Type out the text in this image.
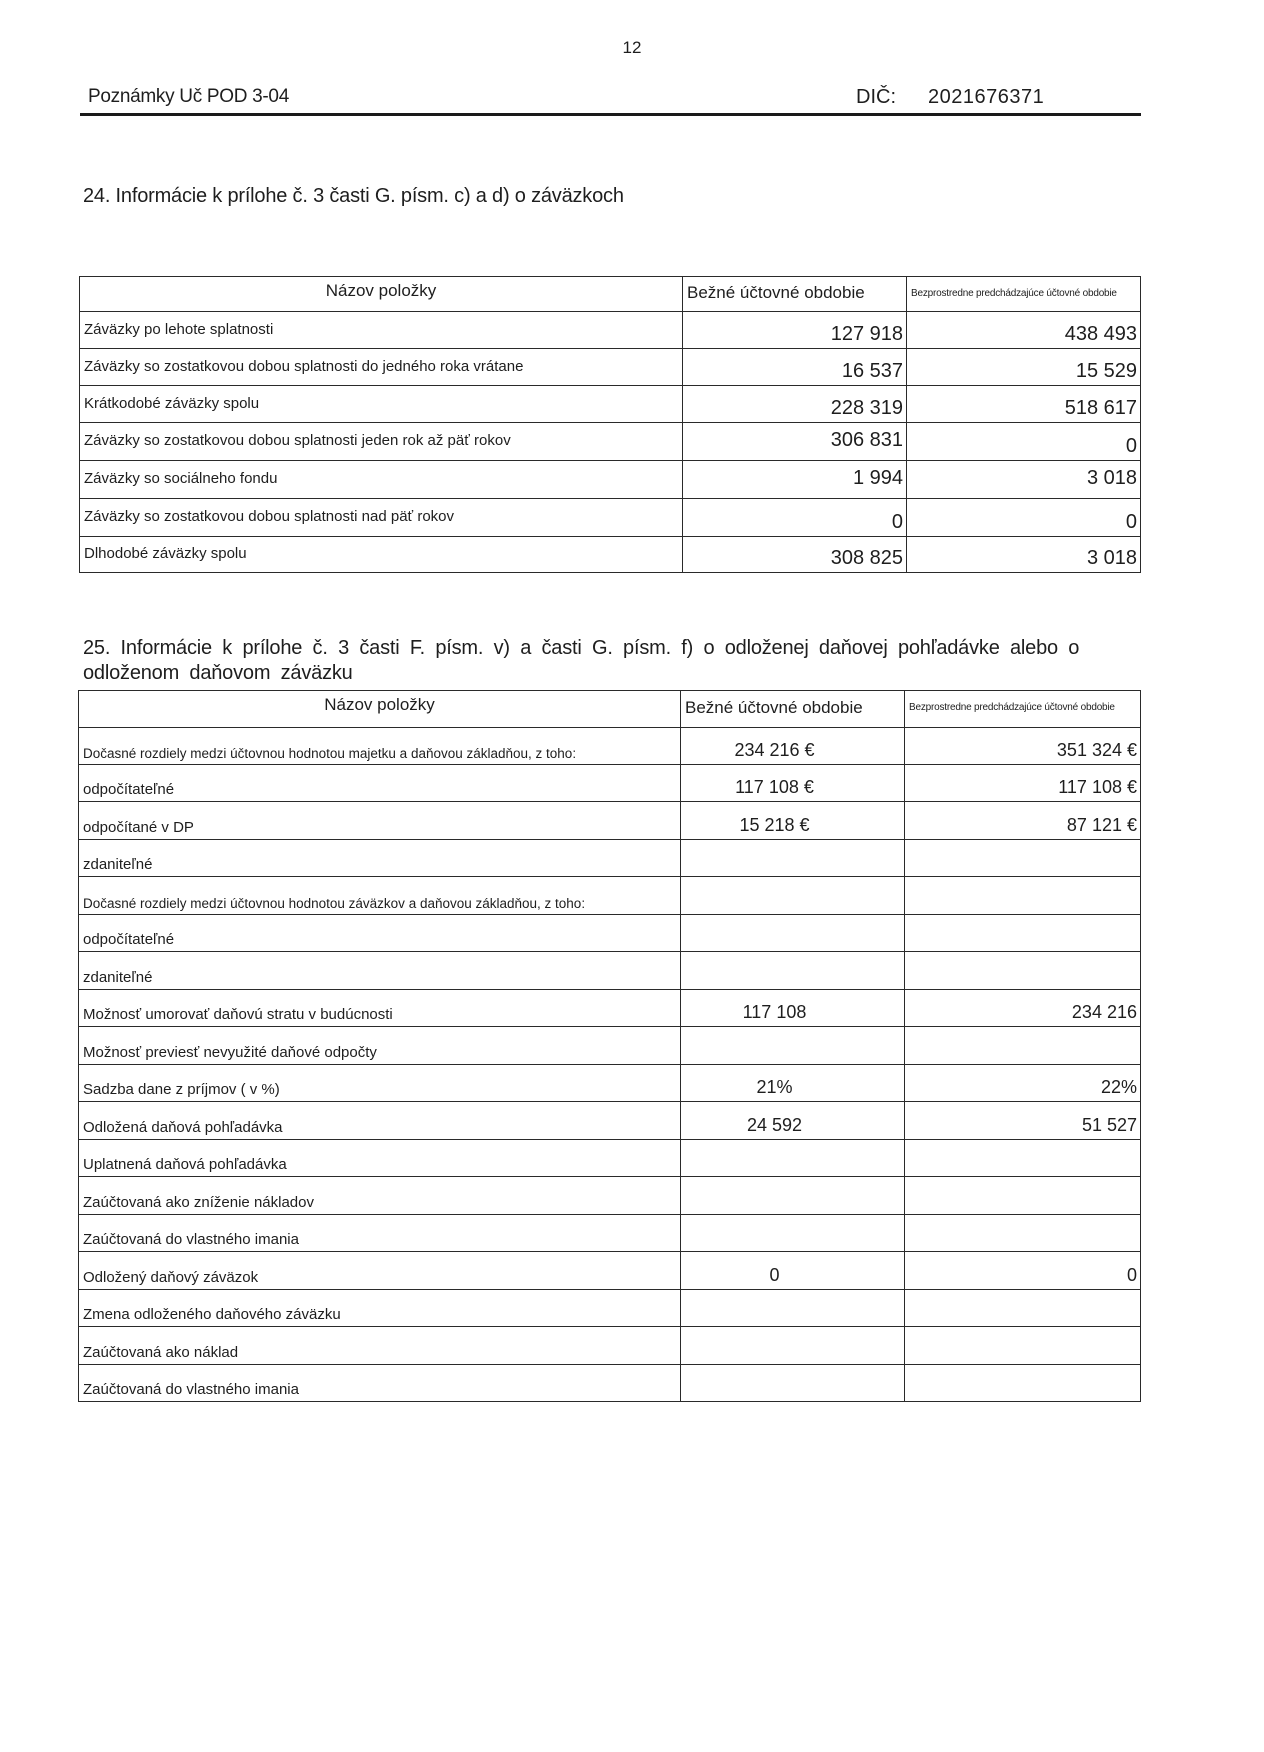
12
Poznámky Uč POD 3-04	DIČ: 2021676371
24. Informácie k prílohe č. 3 časti G. písm. c) a d) o záväzkoch
Názov položky	Bežné účtovné obdobie	Bezprostredne predchádzajúce účtovné obdobie
Záväzky po lehote splatnosti	127 918	438 493
Záväzky so zostatkovou dobou splatnosti do jedného roka vrátane	16 537	15 529
Krátkodobé záväzky spolu	228 319	518 617
Záväzky so zostatkovou dobou splatnosti jeden rok až päť rokov	306 831	0
Záväzky so sociálneho fondu	1 994	3 018
Záväzky so zostatkovou dobou splatnosti nad päť rokov	0	0
Dlhodobé záväzky spolu	308 825	3 018
25. Informácie k prílohe č. 3 časti F. písm. v) a časti G. písm. f) o odloženej daňovej pohľadávke alebo o odloženom daňovom záväzku
Názov položky	Bežné účtovné obdobie	Bezprostredne predchádzajúce účtovné obdobie
Dočasné rozdiely medzi účtovnou hodnotou majetku a daňovou základňou, z toho:	234 216 €	351 324 €
odpočítateľné	117 108 €	117 108 €
odpočítané v DP	15 218 €	87 121 €
zdaniteľné		
Dočasné rozdiely medzi účtovnou hodnotou záväzkov a daňovou základňou, z toho:		
odpočítateľné		
zdaniteľné		
Možnosť umorovať daňovú stratu v budúcnosti	117 108	234 216
Možnosť previesť nevyužité daňové odpočty		
Sadzba dane z príjmov ( v %)	21%	22%
Odložená daňová pohľadávka	24 592	51 527
Uplatnená daňová pohľadávka		
Zaúčtovaná ako zníženie nákladov		
Zaúčtovaná do vlastného imania		
Odložený daňový záväzok	0	0
Zmena odloženého daňového záväzku		
Zaúčtovaná ako náklad		
Zaúčtovaná do vlastného imania		
